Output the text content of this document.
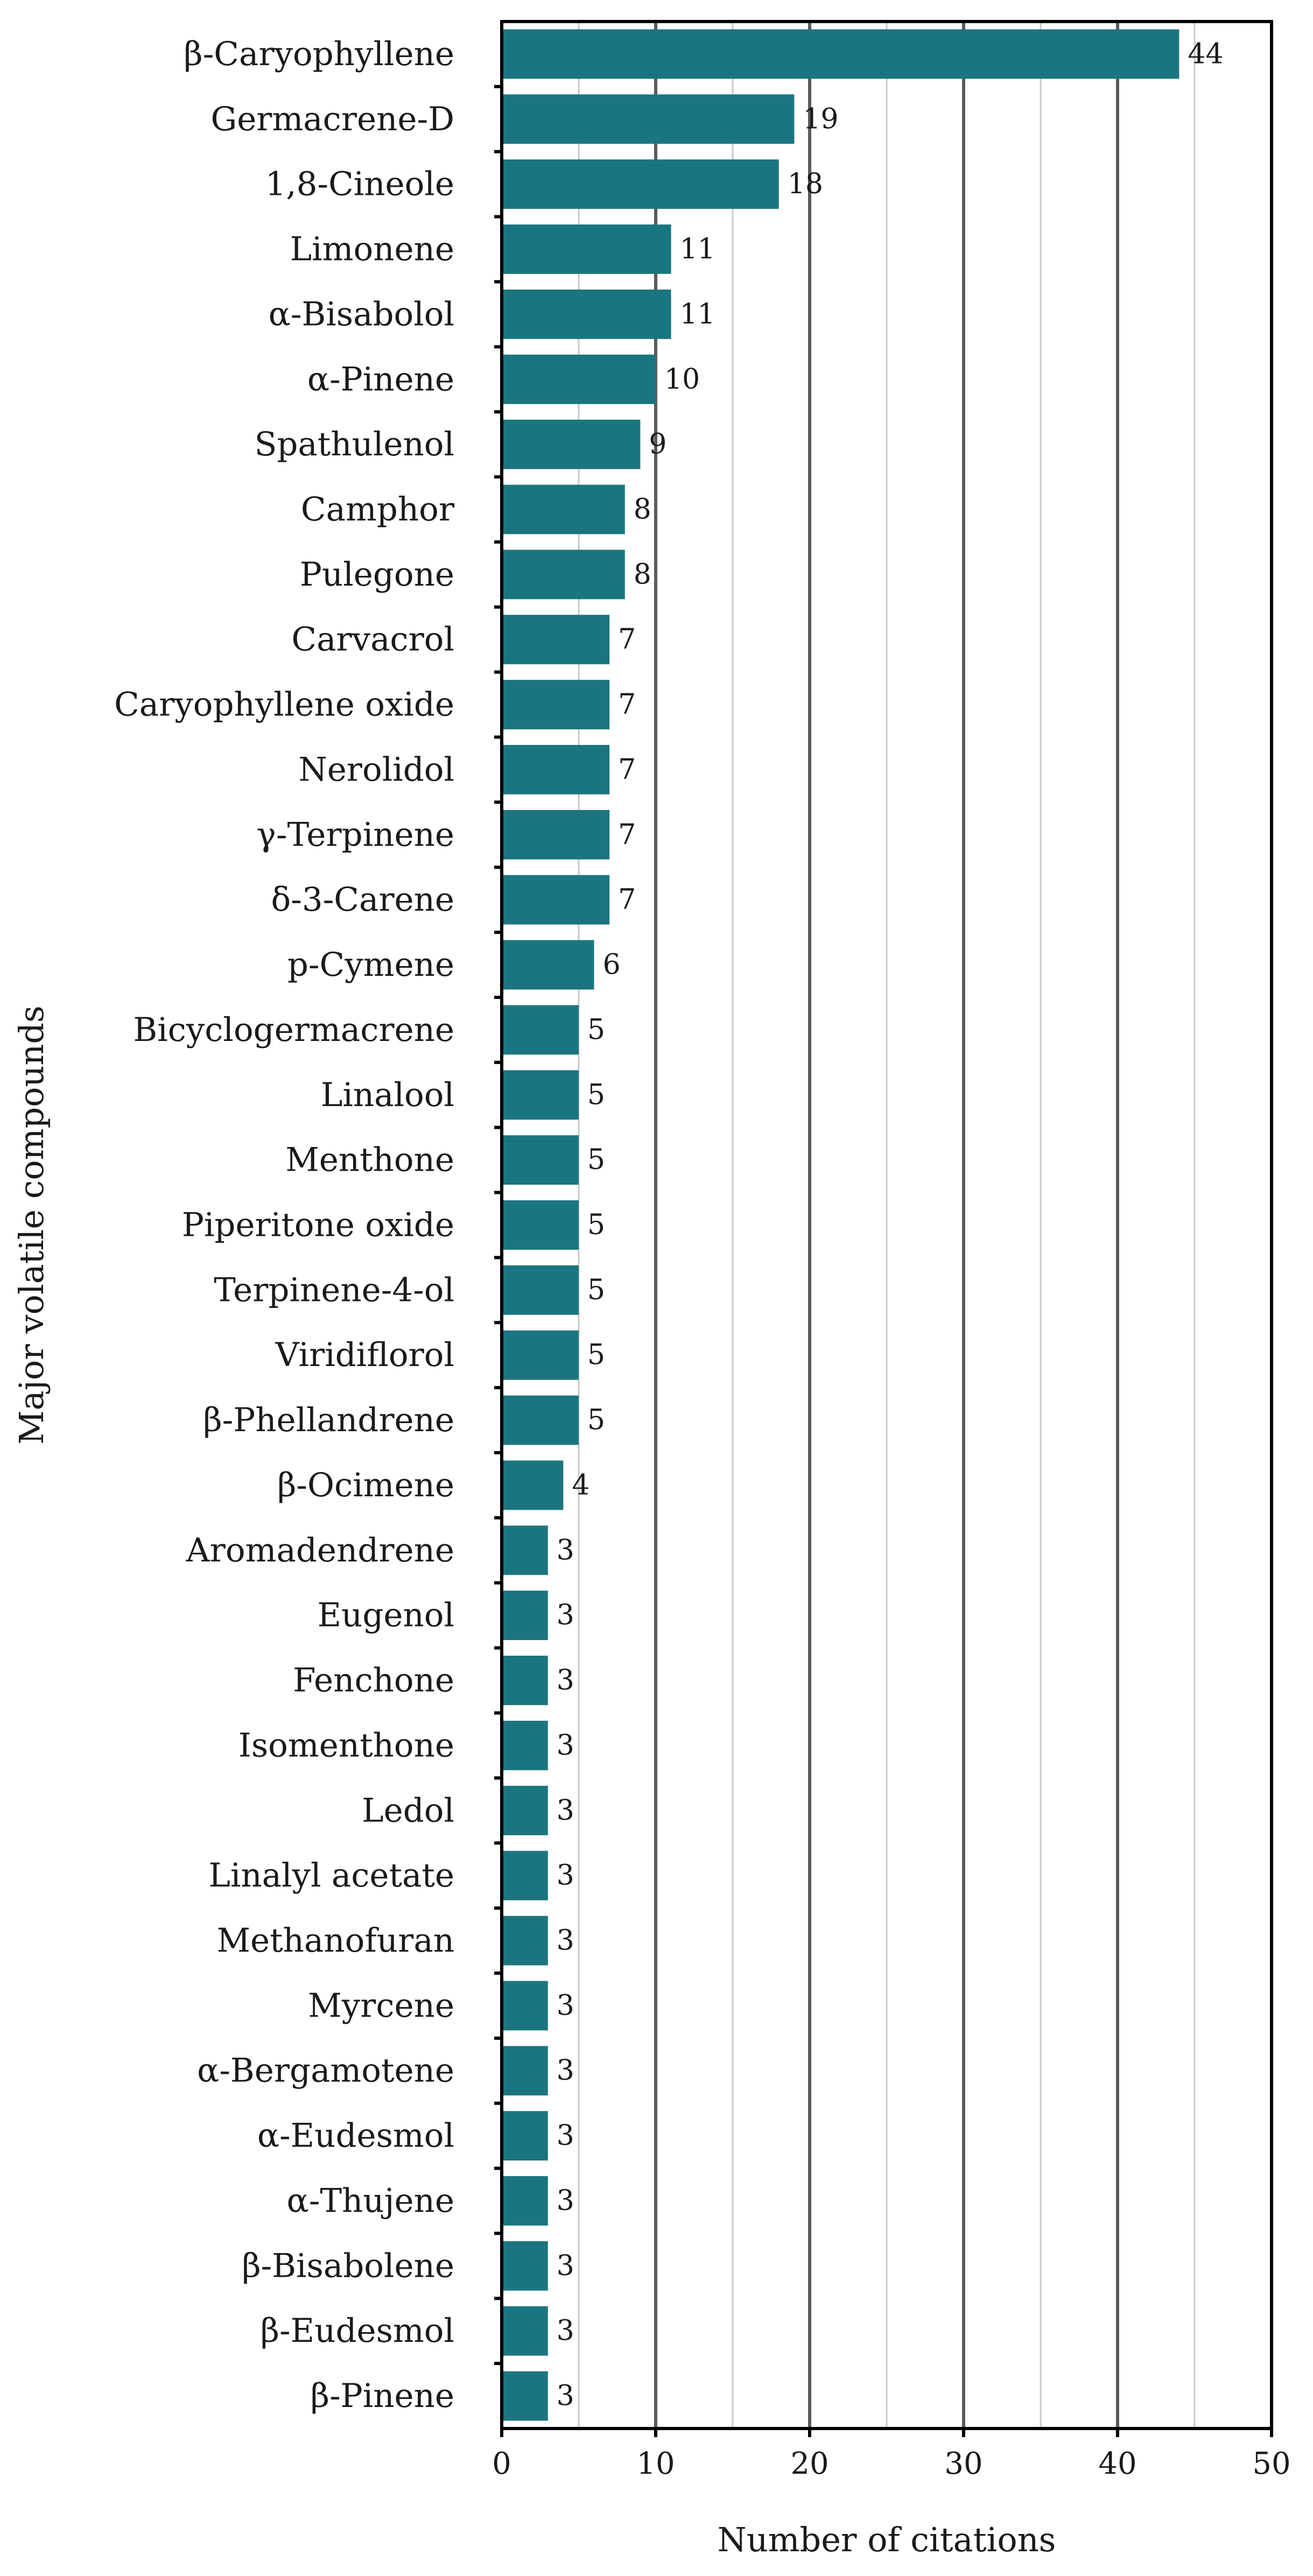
β-Caryophyllene	44
Germacrene-D	19
1,8-Cineole	18
Limonene	11
α-Bisabolol	11
α-Pinene	10
Spathulenol	9
Camphor	8
Pulegone	8
Carvacrol	7
Caryophyllene oxide	7
Nerolidol	7
γ-Terpinene	7
δ-3-Carene	7
p-Cymene	6
Bicyclogermacrene	5
Linalool	5
Menthone	5
Piperitone oxide	5
Terpinene-4-ol	5
Viridiflorol	5
β-Phellandrene	5
β-Ocimene	4
Aromadendrene	3
Eugenol	3
Fenchone	3
Isomenthone	3
Ledol	3
Linalyl acetate	3
Methanofuran	3
Myrcene	3
α-Bergamotene	3
α-Eudesmol	3
α-Thujene	3
β-Bisabolene	3
β-Eudesmol	3
β-Pinene	3
0	10	20	30	40	50
Number of citations
Major volatile compounds
